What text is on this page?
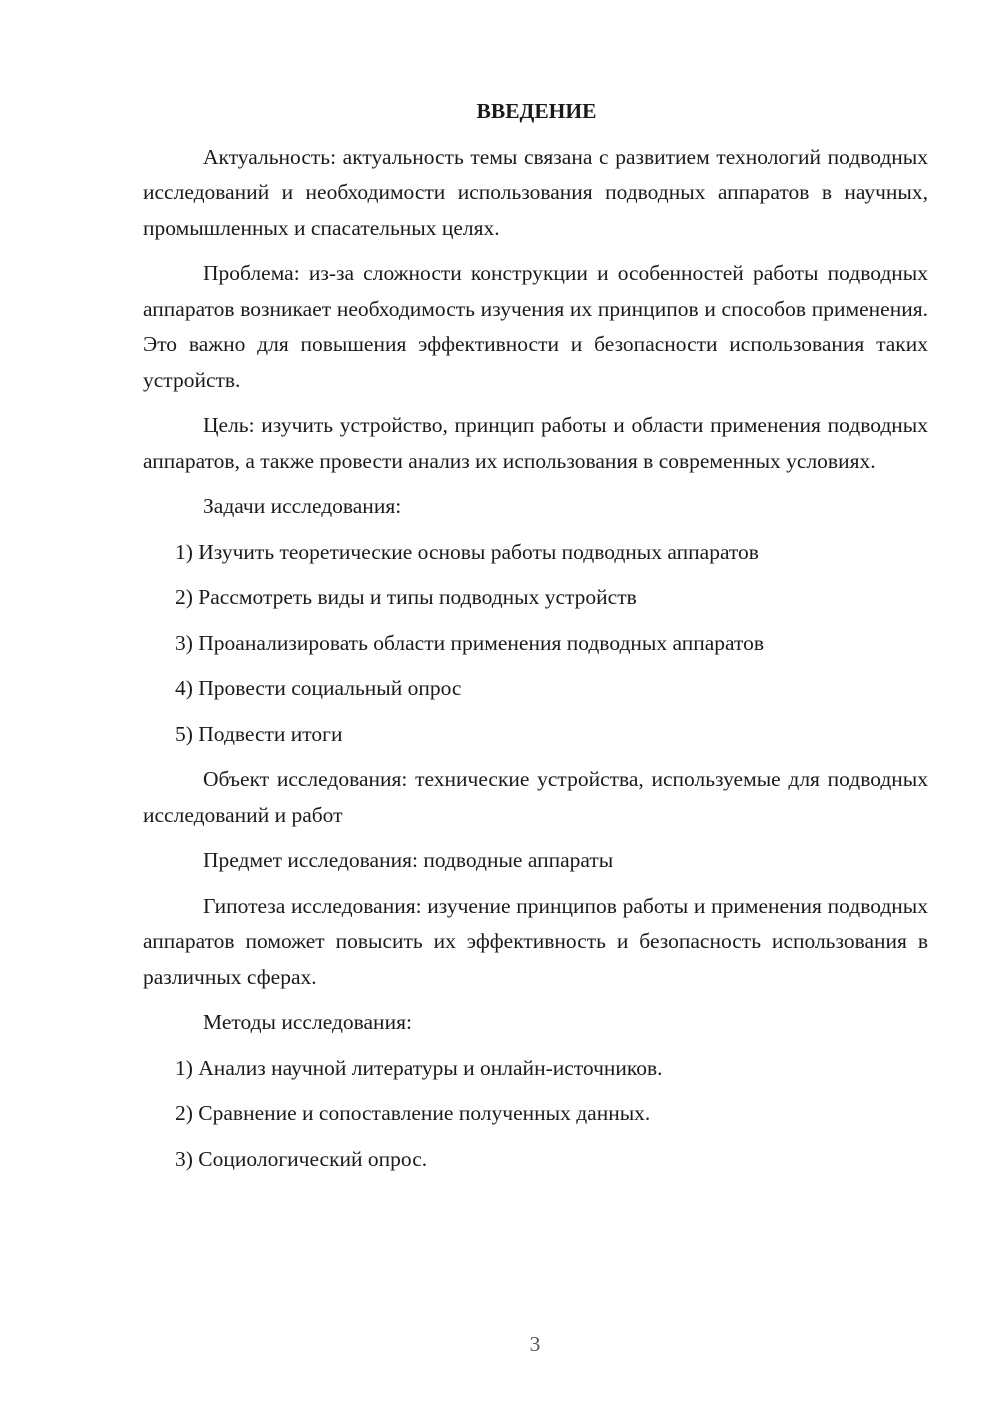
ВВЕДЕНИЕ

Актуальность: актуальность темы связана с развитием технологий подводных исследований и необходимости использования подводных аппаратов в научных, промышленных и спасательных целях.

Проблема: из-за сложности конструкции и особенностей работы подводных аппаратов возникает необходимость изучения их принципов и способов применения. Это важно для повышения эффективности и безопасности использования таких устройств.

Цель: изучить устройство, принцип работы и области применения подводных аппаратов, а также провести анализ их использования в современных условиях.

Задачи исследования:

1) Изучить теоретические основы работы подводных аппаратов
2) Рассмотреть виды и типы подводных устройств
3) Проанализировать области применения подводных аппаратов
4) Провести социальный опрос
5) Подвести итоги

Объект исследования: технические устройства, используемые для подводных исследований и работ

Предмет исследования: подводные аппараты

Гипотеза исследования: изучение принципов работы и применения подводных аппаратов поможет повысить их эффективность и безопасность использования в различных сферах.

Методы исследования:

1) Анализ научной литературы и онлайн-источников.
2) Сравнение и сопоставление полученных данных.
3) Социологический опрос.
3
